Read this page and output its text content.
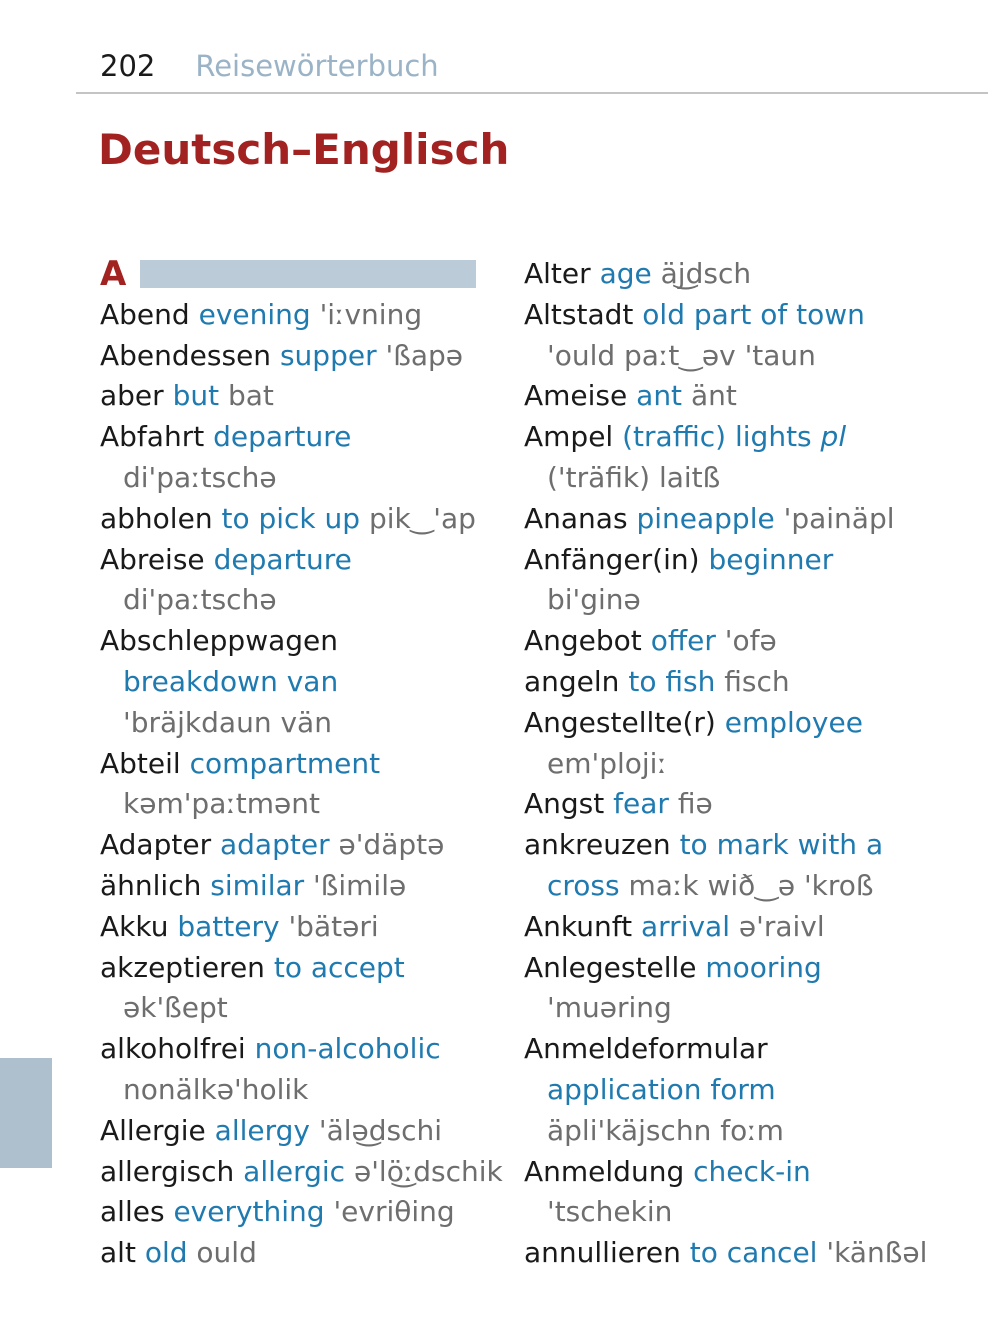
202 Reisewörterbuch
Deutsch–Englisch
A
Abend evening 'iːvning
Abendessen supper 'ßapə
aber but bat
Abfahrt departure
di'paːtschə
abholen to pick up pik‿'ap
Abreise departure
di'paːtschə
Abschleppwagen
breakdown van 'bräjkdaun vän
Abteil compartment
kəm'paːtmənt
Adapter adapter ə'däptə
ähnlich similar 'ßimilə
Akku battery 'bätəri
akzeptieren to accept
ək'ßept
alkoholfrei non-alcoholic
nonälkə'holik
Allergie allergy 'älə͜dschi
allergisch allergic ə'lö͜ːdschik
alles everything 'evriθing
alt old ould
Alter age äj͜dsch
Altstadt old part of town
'ould paːt‿əv 'taun
Ameise ant änt
Ampel (traffic) lights pl
('träfik) laitß
Ananas pineapple 'painäpl
Anfänger(in) beginner
bi'ginə
Angebot offer 'ofə
angeln to fish fisch
Angestellte(r) employee
em'plojiː
Angst fear fiə
ankreuzen to mark with a
cross maːk wið‿ə 'kroß
Ankunft arrival ə'raivl
Anlegestelle mooring
'muəring
Anmeldeformular
application form
äpli'käjschn foːm
Anmeldung check-in
'tschekin
annullieren to cancel 'känßəl
